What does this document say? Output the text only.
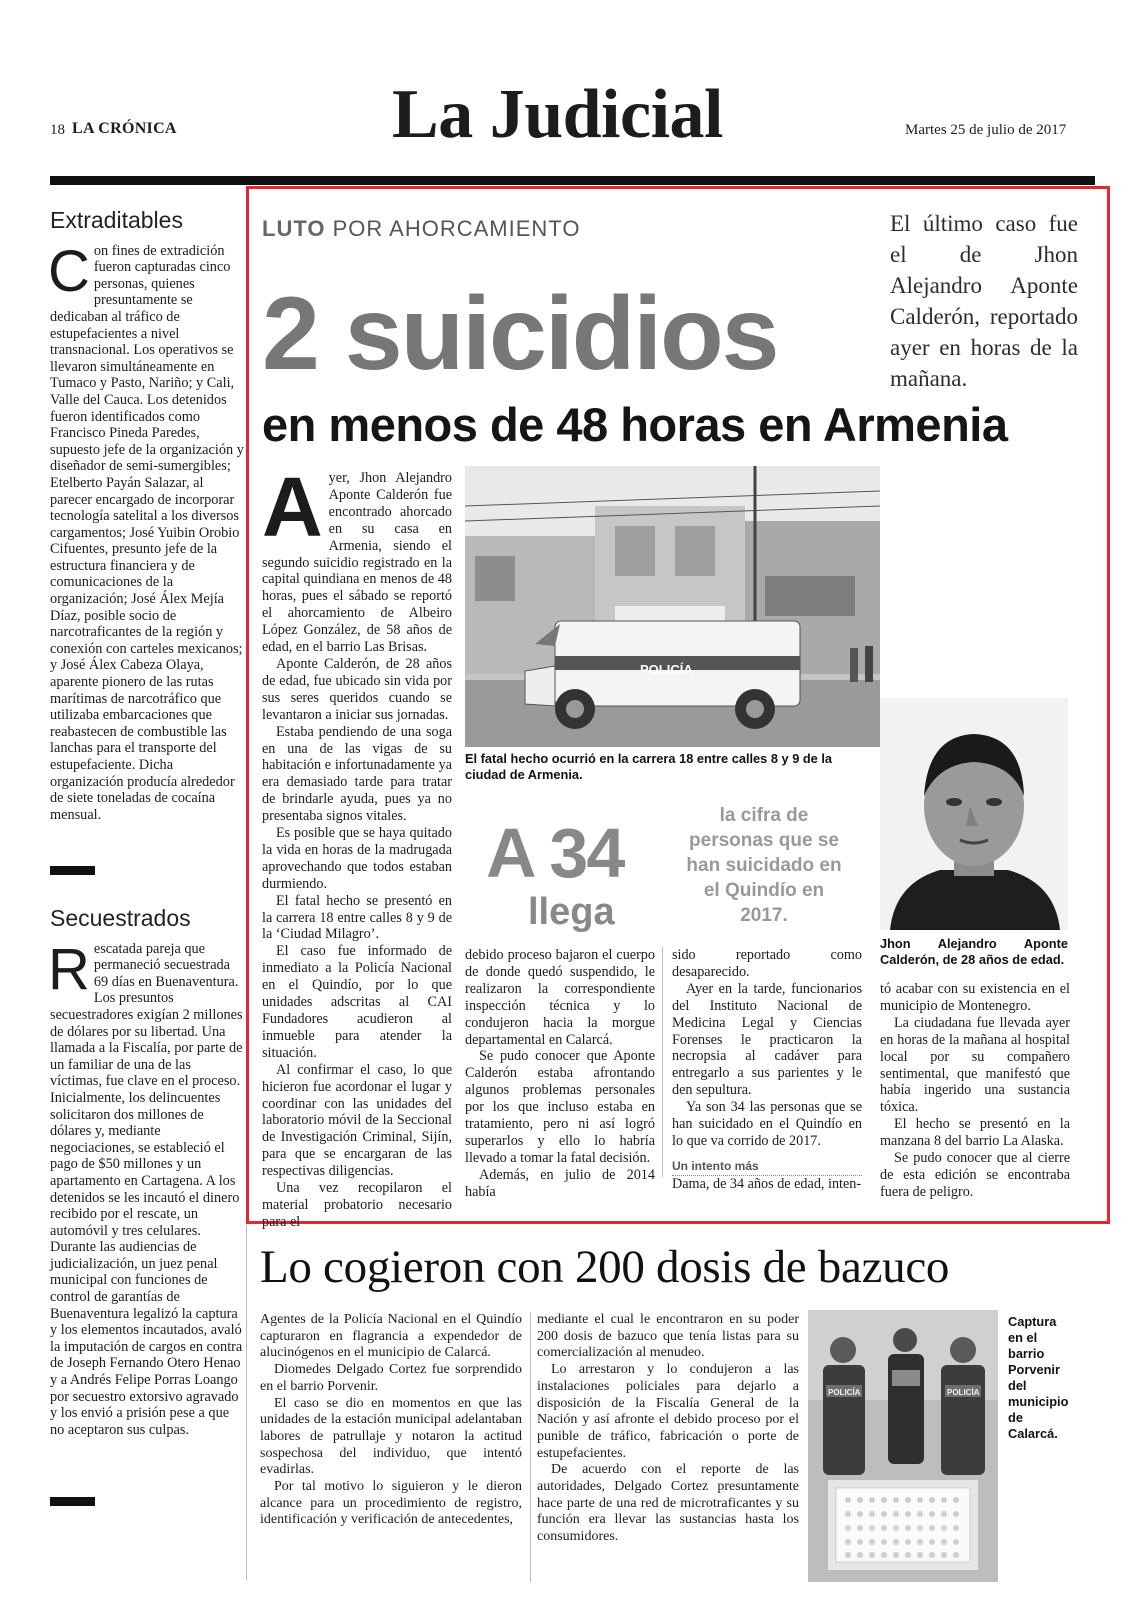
18 LA CRÓNICA	La Judicial	Martes 25 de julio de 2017
Extraditables
Con fines de extradición fueron capturadas cinco personas, quienes presuntamente se dedicaban al tráfico de estupefacientes a nivel transnacional. Los operativos se llevaron simultáneamente en Tumaco y Pasto, Nariño; y Cali, Valle del Cauca. Los detenidos fueron identificados como Francisco Pineda Paredes, supuesto jefe de la organización y diseñador de semi-sumergibles; Etelberto Payán Salazar, al parecer encargado de incorporar tecnología satelital a los diversos cargamentos; José Yuibin Orobio Cifuentes, presunto jefe de la estructura financiera y de comunicaciones de la organización; José Álex Mejía Díaz, posible socio de narcotraficantes de la región y conexión con carteles mexicanos; y José Álex Cabeza Olaya, aparente pionero de las rutas marítimas de narcotráfico que utilizaba embarcaciones que reabastecen de combustible las lanchas para el transporte del estupefaciente. Dicha organización producía alrededor de siete toneladas de cocaína mensual.
Secuestrados
Rescatada pareja que permaneció secuestrada 69 días en Buenaventura. Los presuntos secuestradores exigían 2 millones de dólares por su libertad. Una llamada a la Fiscalía, por parte de un familiar de una de las víctimas, fue clave en el proceso. Inicialmente, los delincuentes solicitaron dos millones de dólares y, mediante negociaciones, se estableció el pago de $50 millones y un apartamento en Cartagena. A los detenidos se les incautó el dinero recibido por el rescate, un automóvil y tres celulares. Durante las audiencias de judicialización, un juez penal municipal con funciones de control de garantías de Buenaventura legalizó la captura y los elementos incautados, avaló la imputación de cargos en contra de Joseph Fernando Otero Henao y a Andrés Felipe Porras Loango por secuestro extorsivo agravado y los envió a prisión pese a que no aceptaron sus culpas.
LUTO POR AHORCAMIENTO
2 suicidios
en menos de 48 horas en Armenia
El último caso fue el de Jhon Alejandro Aponte Calderón, reportado ayer en horas de la mañana.

Ayer, Jhon Alejandro Aponte Calderón fue encontrado ahorcado en su casa en Armenia, siendo el segundo suicidio registrado en la capital quindiana en menos de 48 horas, pues el sábado se reportó el ahorcamiento de Albeiro López González, de 58 años de edad, en el barrio Las Brisas.

Aponte Calderón, de 28 años de edad, fue ubicado sin vida por sus seres queridos cuando se levantaron a iniciar sus jornadas.

Estaba pendiendo de una soga en una de las vigas de su habitación e infortunadamente ya era demasiado tarde para tratar de brindarle ayuda, pues ya no presentaba signos vitales.

Es posible que se haya quitado la vida en horas de la madrugada aprovechando que todos estaban durmiendo.

El fatal hecho se presentó en la carrera 18 entre calles 8 y 9 de la ‘Ciudad Milagro’.

El caso fue informado de inmediato a la Policía Nacional en el Quindío, por lo que unidades adscritas al CAI Fundadores acudieron al inmueble para atender la situación.

Al confirmar el caso, lo que hicieron fue acordonar el lugar y coordinar con las unidades del laboratorio móvil de la Seccional de Investigación Criminal, Sijín, para que se encargaran de las respectivas diligencias.

Una vez recopilaron el material probatorio necesario para el

POLICÍA
El fatal hecho ocurrió en la carrera 18 entre calles 8 y 9 de la ciudad de Armenia.
Jhon Alejandro Aponte Calderón, de 28 años de edad.
A 34
llega
la cifra de personas que se han suicidado en el Quindío en 2017.

debido proceso bajaron el cuerpo de donde quedó suspendido, le realizaron la correspondiente inspección técnica y lo condujeron hacia la morgue departamental en Calarcá.

Se pudo conocer que Aponte Calderón estaba afrontando algunos problemas personales por los que incluso estaba en tratamiento, pero ni así logró superarlos y ello lo habría llevado a tomar la fatal decisión.

Además, en julio de 2014 había

sido reportado como desaparecido.

Ayer en la tarde, funcionarios del Instituto Nacional de Medicina Legal y Ciencias Forenses le practicaron la necropsia al cadáver para entregarlo a sus parientes y le den sepultura.

Ya son 34 las personas que se han suicidado en el Quindío en lo que va corrido de 2017.

Un intento más

Dama, de 34 años de edad, inten-

tó acabar con su existencia en el municipio de Montenegro.

La ciudadana fue llevada ayer en horas de la mañana al hospital local por su compañero sentimental, que manifestó que había ingerido una sustancia tóxica.

El hecho se presentó en la manzana 8 del barrio La Alaska.

Se pudo conocer que al cierre de esta edición se encontraba fuera de peligro.

Lo cogieron con 200 dosis de bazuco

Agentes de la Policía Nacional en el Quindío capturaron en flagrancia a expendedor de alucinógenos en el municipio de Calarcá.

Diomedes Delgado Cortez fue sorprendido en el barrio Porvenir.

El caso se dio en momentos en que las unidades de la estación municipal adelantaban labores de patrullaje y notaron la actitud sospechosa del individuo, que intentó evadirlas.

Por tal motivo lo siguieron y le dieron alcance para un procedimiento de registro, identificación y verificación de antecedentes,

mediante el cual le encontraron en su poder 200 dosis de bazuco que tenía listas para su comercialización al menudeo.

Lo arrestaron y lo condujeron a las instalaciones policiales para dejarlo a disposición de la Fiscalía General de la Nación y así afronte el debido proceso por el punible de tráfico, fabricación o porte de estupefacientes.

De acuerdo con el reporte de las autoridades, Delgado Cortez presuntamente hace parte de una red de microtraficantes y su función era llevar las sustancias hasta los consumidores.

POLICÍA	POLICÍA
Captura en el barrio Porvenir del municipio de Calarcá.
